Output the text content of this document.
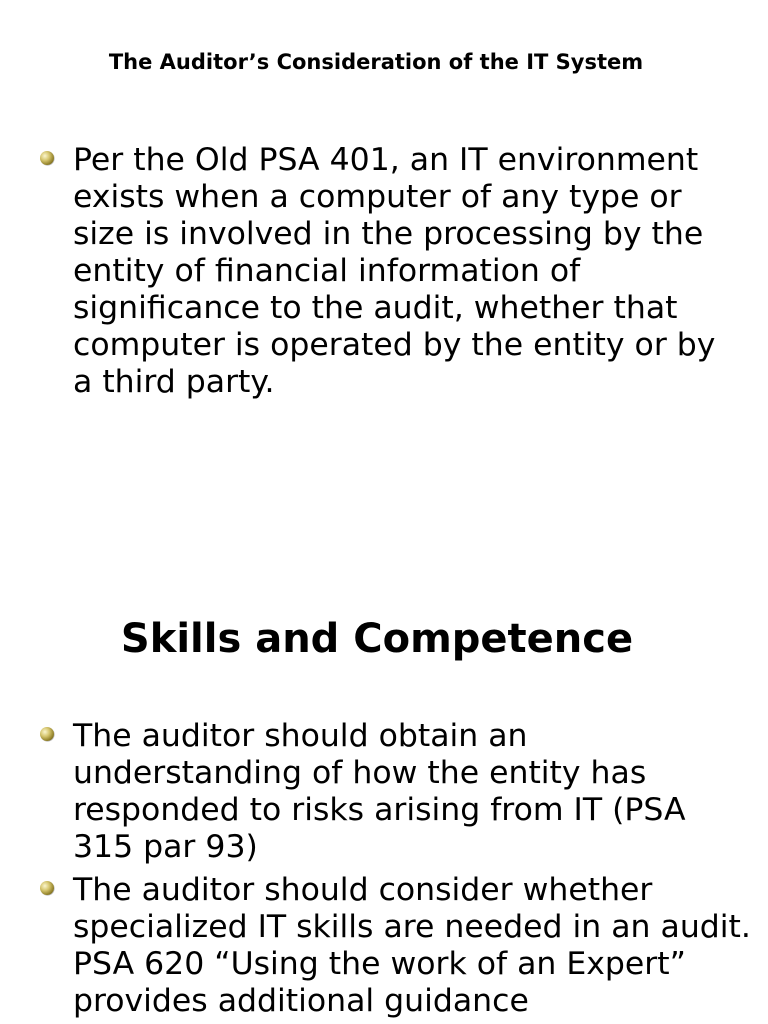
The Auditor’s Consideration of the IT System

Per the Old PSA 401, an IT environment exists when a computer of any type or size is involved in the processing by the entity of financial information of significance to the audit, whether that computer is operated by the entity or by a third party.

Skills and Competence

The auditor should obtain an understanding of how the entity has responded to risks arising from IT (PSA 315 par 93)

The auditor should consider whether specialized IT skills are needed in an audit. PSA 620 “Using the work of an Expert” provides additional guidance
